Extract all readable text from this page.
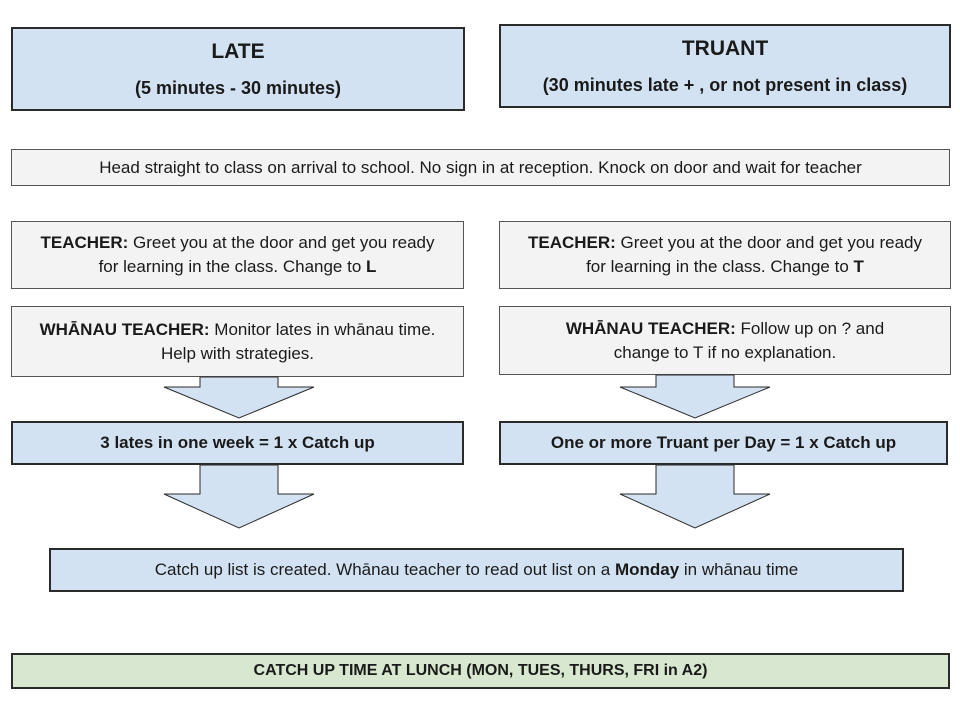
LATE
(5 minutes - 30 minutes)
TRUANT
(30 minutes late + , or not present in class)
Head straight to class on arrival to school. No sign in at reception. Knock on door and wait for teacher
TEACHER: Greet you at the door and get you ready for learning in the class. Change to L
TEACHER: Greet you at the door and get you ready for learning in the class. Change to T
WHĀNAU TEACHER: Monitor lates in whānau time. Help with strategies.
WHĀNAU TEACHER: Follow up on ? and change to T if no explanation.
3 lates in one week = 1 x Catch up	One or more Truant per Day = 1 x Catch up
Catch up list is created. Whānau teacher to read out list on a Monday in whānau time
CATCH UP TIME AT LUNCH (MON, TUES, THURS, FRI in A2)
